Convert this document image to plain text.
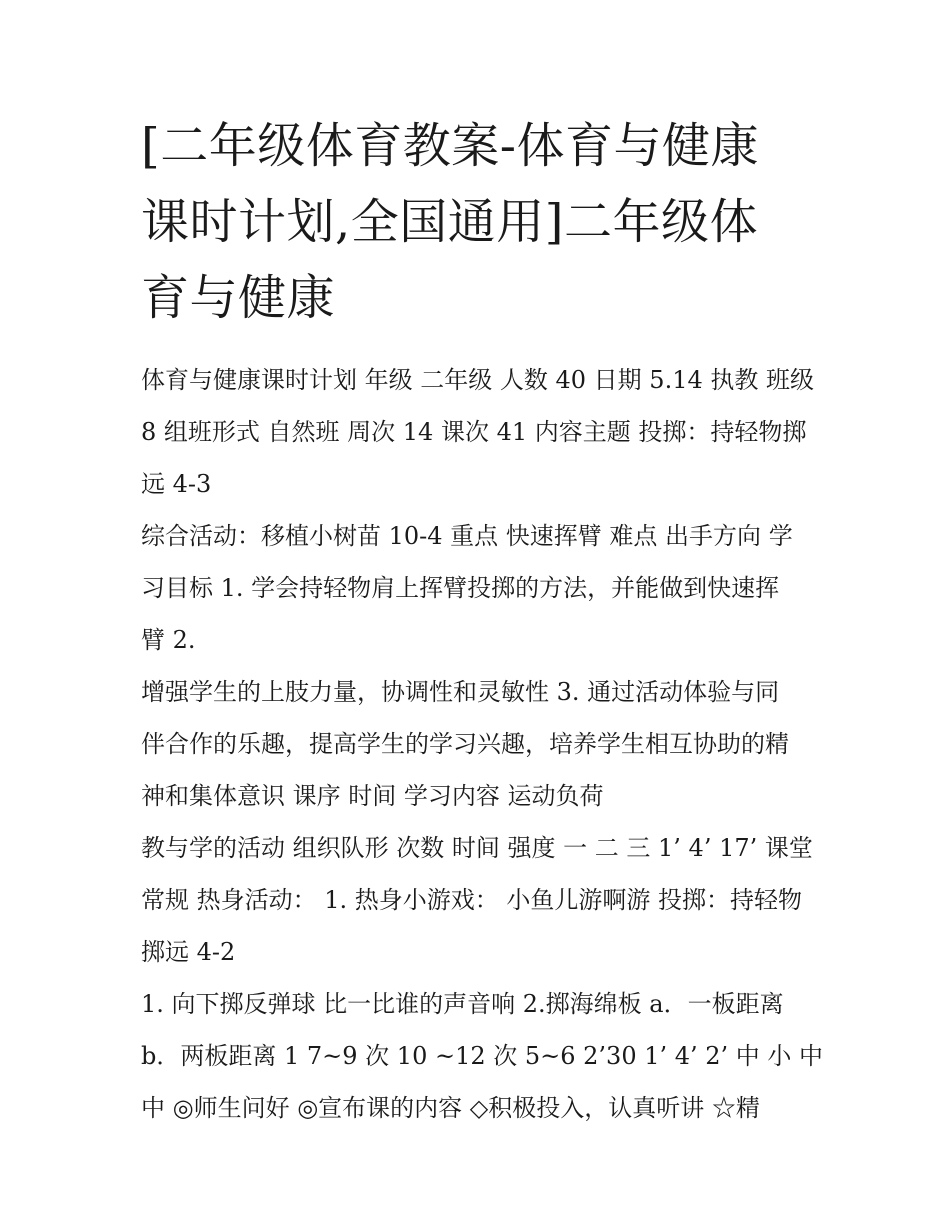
[二年级体育教案-体育与健康
课时计划,全国通用]二年级体
育与健康
体育与健康课时计划 年级 二年级 人数 40 日期 5.14 执教 班级
8 组班形式 自然班 周次 14 课次 41 内容主题 投掷：持轻物掷
远 4-3
综合活动：移植小树苗 10-4 重点 快速挥臂 难点 出手方向 学
习目标 1. 学会持轻物肩上挥臂投掷的方法，并能做到快速挥
臂 2.
增强学生的上肢力量，协调性和灵敏性 3. 通过活动体验与同
伴合作的乐趣，提高学生的学习兴趣，培养学生相互协助的精
神和集体意识 课序 时间 学习内容 运动负荷
教与学的活动 组织队形 次数 时间 强度 一 二 三 1’ 4’ 17’ 课堂
常规 热身活动： 1. 热身小游戏： 小鱼儿游啊游 投掷：持轻物
掷远 4-2
1. 向下掷反弹球 比一比谁的声音响 2.掷海绵板 a．一板距离
b．两板距离 1 7~9 次 10 ~12 次 5~6 2’30 1’ 4’ 2’ 中 小 中
中 ◎师生问好 ◎宣布课的内容 ◇积极投入，认真听讲 ☆精
